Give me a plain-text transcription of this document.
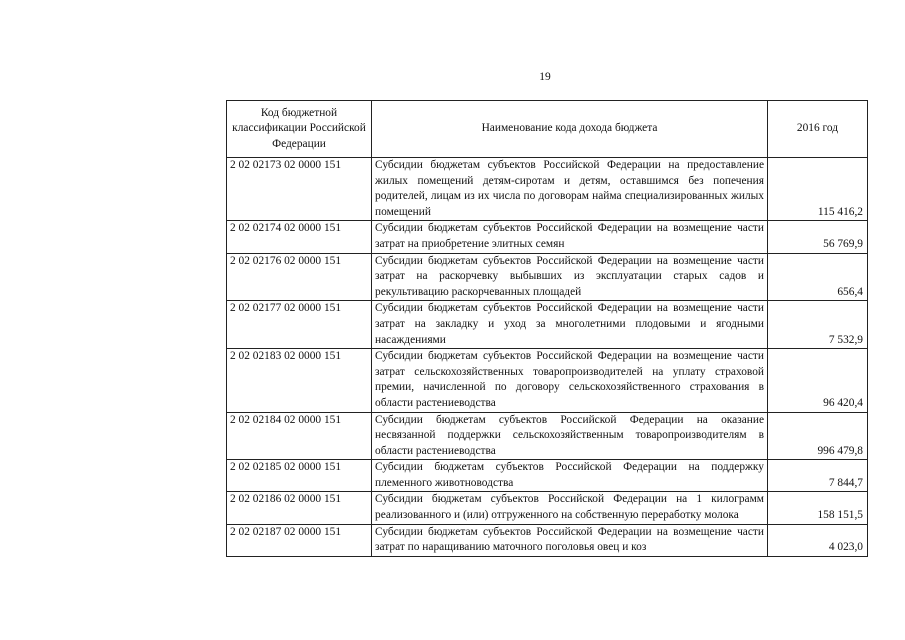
19
Код бюджетной классификации Российской Федерации	Наименование кода дохода бюджета	2016 год
2 02 02173 02 0000 151	Субсидии бюджетам субъектов Российской Федерации на предоставление жилых помещений детям-сиротам и детям, оставшимся без попечения родителей, лицам из их числа по договорам найма специализированных жилых помещений	115 416,2
2 02 02174 02 0000 151	Субсидии бюджетам субъектов Российской Федерации на возмещение части затрат на приобретение элитных семян	56 769,9
2 02 02176 02 0000 151	Субсидии бюджетам субъектов Российской Федерации на возмещение части затрат на раскорчевку выбывших из эксплуатации старых садов и рекультивацию раскорчеванных площадей	656,4
2 02 02177 02 0000 151	Субсидии бюджетам субъектов Российской Федерации на возмещение части затрат на закладку и уход за многолетними плодовыми и ягодными насаждениями	7 532,9
2 02 02183 02 0000 151	Субсидии бюджетам субъектов Российской Федерации на возмещение части затрат сельскохозяйственных товаропроизводителей на уплату страховой премии, начисленной по договору сельскохозяйственного страхования в области растениеводства	96 420,4
2 02 02184 02 0000 151	Субсидии бюджетам субъектов Российской Федерации на оказание несвязанной поддержки сельскохозяйственным товаропроизводителям в области растениеводства	996 479,8
2 02 02185 02 0000 151	Субсидии бюджетам субъектов Российской Федерации на поддержку племенного животноводства	7 844,7
2 02 02186 02 0000 151	Субсидии бюджетам субъектов Российской Федерации на 1 килограмм реализованного и (или) отгруженного на собственную переработку молока	158 151,5
2 02 02187 02 0000 151	Субсидии бюджетам субъектов Российской Федерации на возмещение части затрат по наращиванию маточного поголовья овец и коз	4 023,0
